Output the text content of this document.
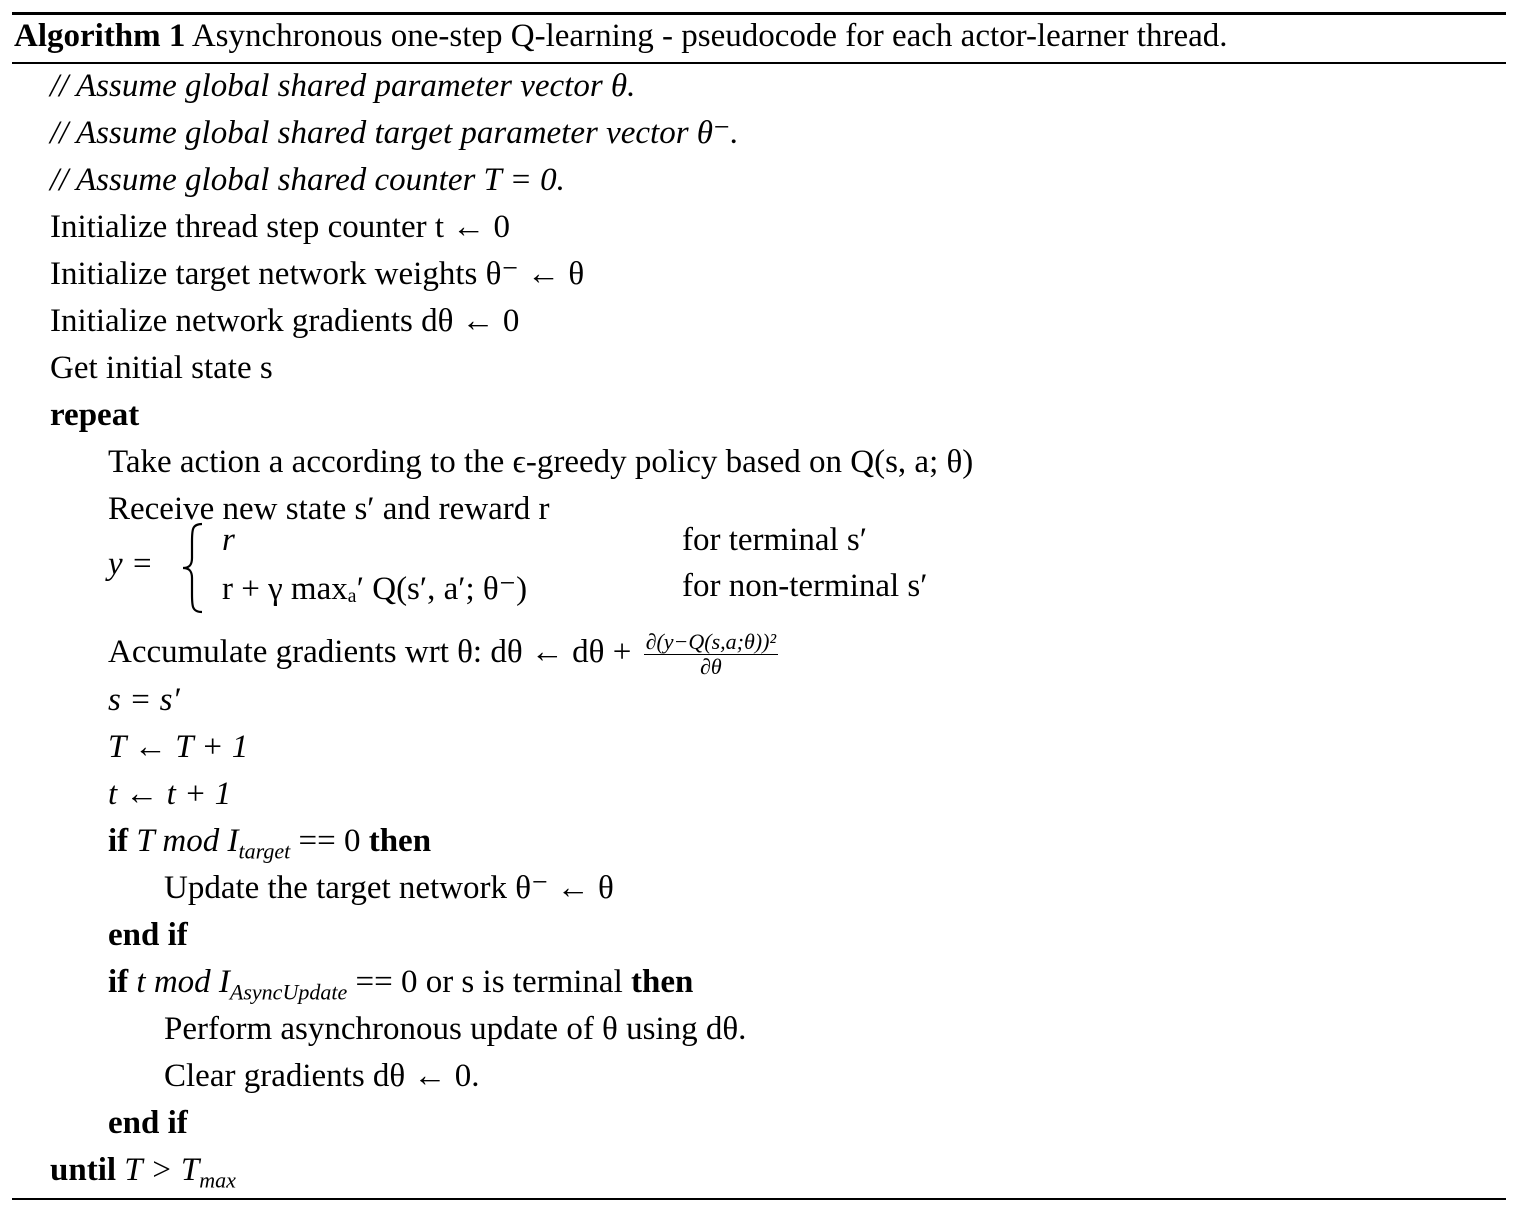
Algorithm 1 Asynchronous one-step Q-learning - pseudocode for each actor-learner thread.
// Assume global shared parameter vector θ.
// Assume global shared target parameter vector θ⁻.
// Assume global shared counter T = 0.
Initialize thread step counter t ← 0
Initialize target network weights θ⁻ ← θ
Initialize network gradients dθ ← 0
Get initial state s
repeat
Take action a according to the ϵ-greedy policy based on Q(s, a; θ)
Receive new state s′ and reward r
y =
r	for terminal s′
r + γ maxₐ′ Q(s′, a′; θ⁻)	for non-terminal s′
Accumulate gradients wrt θ: dθ ← $d\theta + \frac{\text{∂(y−Q(s,a;θ))²}}{\partial\theta}$
s = s′
T ← T + 1
t ← t + 1
if T mod $I_{target} == 0$ then
Update the target network θ⁻ ← θ
end if
if t mod $I_{AsyncUpdate} == 0$ or s is terminal then
Perform asynchronous update of θ using dθ.
Clear gradients dθ ← 0.
end if
until $T > T_{max}$
